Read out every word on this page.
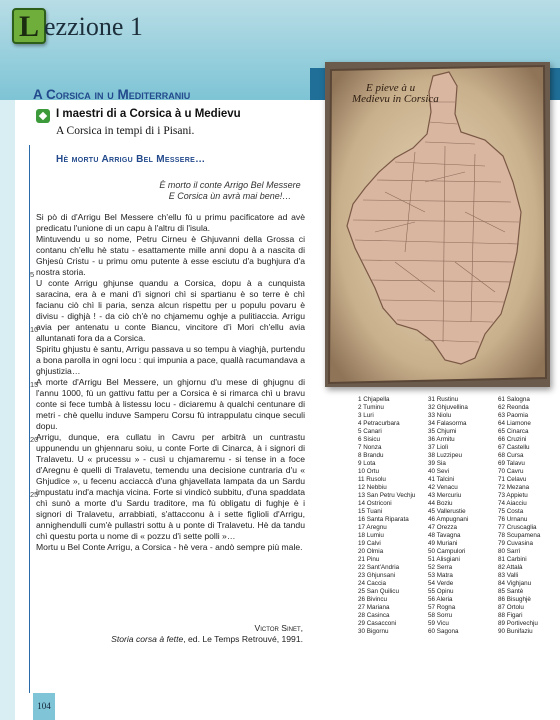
L ezzione 1
104
A Corsica in u Mediterraniu
I maestri di a Corsica à u Medievu
A Corsica in tempi di i Pisani.
Hè mortu Arrigu Bel Messere…
È morto il conte Arrigo Bel Messere
E Corsica ùn avrà mai bene!…

Si pò di d'Arrigu Bel Messere ch'ellu fù u primu pacificatore ad avè predicatu l'unione di un capu à l'altru di l'isula.

Mintuvendu u so nome, Petru Cirneu è Ghjuvanni della Grossa ci contanu ch'ellu hè statu - esattamente mille anni dopu à a nascita di Ghjesù Cristu - u primu omu putente à esse esciutu d'a bughjura d'a nostra storia.

U conte Arrigu ghjunse quandu a Corsica, dopu à a cunquista saracina, era à e mani d'i signori chì si spartianu è so terre è chì facianu ciò chì li paria, senza alcun rispettu per u populu povaru è divisu - dighjà ! - da ciò ch'è no chjamemu oghje a pulitiaccia. Arrigu avia per antenatu u conte Biancu, vincitore d'i Mori ch'ellu avia alluntanati fora da a Corsica.

Spiritu ghjustu è santu, Arrigu passava u so tempu à viaghjà, purtendu a bona parolla in ogni locu : qui impunia a pace, quallà racumandava a ghjustizia…

A morte d'Arrigu Bel Messere, un ghjornu d'u mese di ghjugnu di l'annu 1000, fù un gattivu fattu per a Corsica è si rimarca chì u bravu conte si fece tumbà à listessu locu - diciaremu à qualchi centunare di metri - chè quellu induve Samperu Corsu fù intrappulatu cinque seculi dopu.

Arrigu, dunque, era cullatu in Cavru per arbitrà un cuntrastu uppunendu un ghjennaru soiu, u conte Forte di Cinarca, à i signori di Tralavetu. U « prucessu » - cusì u chjamaremu - si tense in a foce d'Aregnu è quelli di Tralavetu, temendu una decisione cuntraria d'u « Ghjudice », u fecenu acciaccà d'una ghjavellata lampata da un Sardu impustatu ind'a machja vicina. Forte si vindicò subbitu, d'una spaddata chì sunò a morte d'u Sardu traditore, ma fù obligatu di fughje è i signori di Tralavetu, arrabbiati, s'attacconu à i sette figlioli d'Arrigu, annighendulli cum'è pullastri sottu à u ponte di Tralavetu. Hè da tandu chì questu porta u nome di « pozzu d'i sette polli »…

Mortu u Bel Conte Arrigu, a Corsica - hè vera - andò sempre più male.

5
10
15
20
25
Victor Sinet,
Storia corsa à fette, ed. Le Temps Retrouvé, 1991.
E pieve à u
Medievu in Corsica
1 Chjapella
2 Tuminu
3 Luri
4 Petracurbara
5 Canari
6 Sisicu
7 Nonza
8 Brandu
9 Lota
10 Ortu
11 Rusolu
12 Nebbiu
13 San Petru Vechju
14 Ostriconi
15 Tuani
16 Santa Riparata
17 Aregnu
18 Lumiu
19 Calvi
20 Olmia
21 Pinu
22 Sant'Andria
23 Ghjunsani
24 Caccia
25 San Quilicu
26 Bivincu
27 Mariana
28 Casinca
29 Casacconi
30 Bigornu
31 Rustinu
32 Ghjuvellina
33 Niolu
34 Falasorma
35 Chjumi
36 Armitu
37 Liolì
38 Luzzipeu
39 Sia
40 Sevi
41 Talcini
42 Venacu
43 Mercuriu
44 Boziu
45 Vallerustie
46 Ampugnani
47 Orezza
48 Tavagna
49 Muriani
50 Campulori
51 Alisgiani
52 Serra
53 Matra
54 Verde
55 Opinu
56 Aleria
57 Rogna
58 Sorru
59 Vicu
60 Sagona
61 Salogna
62 Reonda
63 Paomia
64 Liamone
65 Cinarca
66 Cruzini
67 Castellu
68 Cursa
69 Talavu
70 Cavru
71 Celavu
72 Mezana
73 Appietu
74 Aiacciu
75 Costa
76 Urnanu
77 Cruscaglia
78 Scupamena
79 Cuvasina
80 Sarrì
81 Carbini
82 Attalà
83 Valli
84 Vighjanu
85 Santè
86 Bisughjè
87 Ortolu
88 Figari
89 Portivechju
90 Bunifaziu
